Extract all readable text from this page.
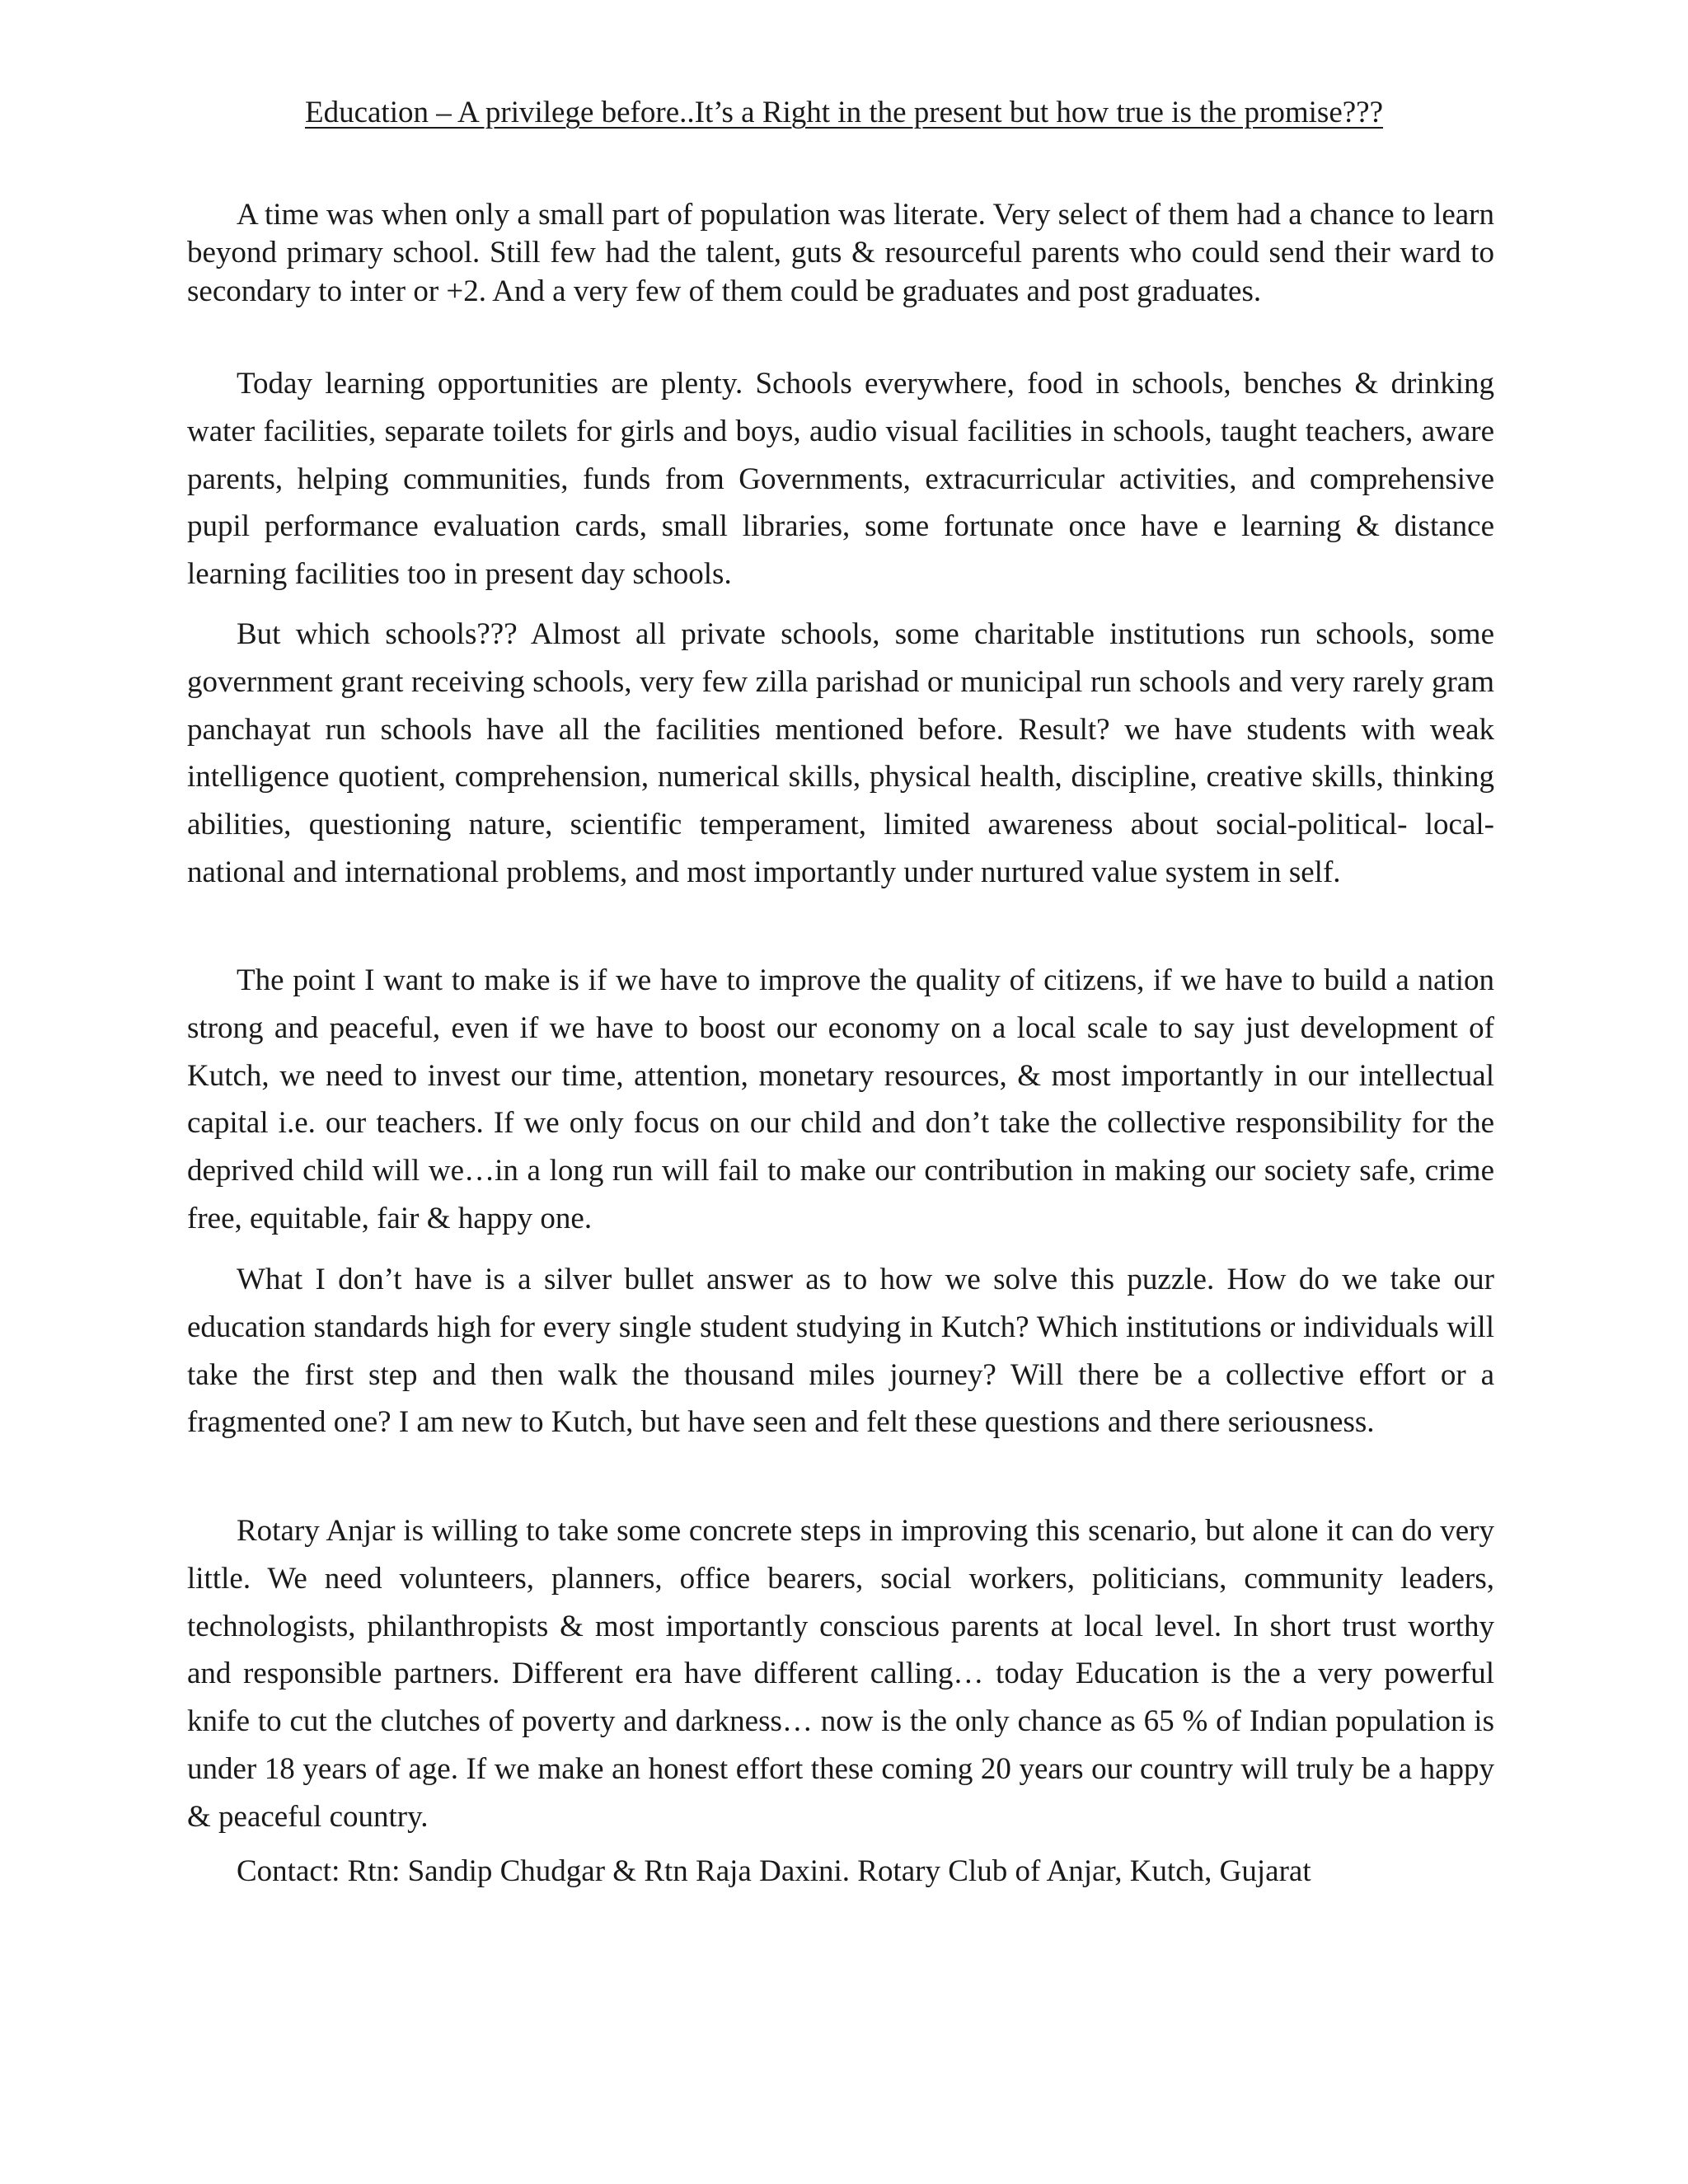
Education – A privilege before..It’s a Right in the present but how true is the promise???

A time was when only a small part of population was literate. Very select of them had a chance to learn beyond primary school. Still few had the talent, guts & resourceful parents who could send their ward to secondary to inter or +2. And a very few of them could be graduates and post graduates.

Today learning opportunities are plenty. Schools everywhere, food in schools, benches & drinking water facilities, separate toilets for girls and boys, audio visual facilities in schools, taught teachers, aware parents, helping communities, funds from Governments, extracurricular activities, and comprehensive pupil performance evaluation cards, small libraries, some fortunate once have e learning & distance learning facilities too in present day schools.

But which schools??? Almost all private schools, some charitable institutions run schools, some government grant receiving schools, very few zilla parishad or municipal run schools and very rarely gram panchayat run schools have all the facilities mentioned before. Result? we have students with weak intelligence quotient, comprehension, numerical skills, physical health, discipline, creative skills, thinking abilities, questioning nature, scientific temperament, limited awareness about social-political- local-national and international problems, and most importantly under nurtured value system in self.

The point I want to make is if we have to improve the quality of citizens, if we have to build a nation strong and peaceful, even if we have to boost our economy on a local scale to say just development of Kutch, we need to invest our time, attention, monetary resources, & most importantly in our intellectual capital i.e. our teachers. If we only focus on our child and don’t take the collective responsibility for the deprived child will we…in a long run will fail to make our contribution in making our society safe, crime free, equitable, fair & happy one.

What I don’t have is a silver bullet answer as to how we solve this puzzle. How do we take our education standards high for every single student studying in Kutch? Which institutions or individuals will take the first step and then walk the thousand miles journey? Will there be a collective effort or a fragmented one? I am new to Kutch, but have seen and felt these questions and there seriousness.

Rotary Anjar is willing to take some concrete steps in improving this scenario, but alone it can do very little. We need volunteers, planners, office bearers, social workers, politicians, community leaders, technologists, philanthropists & most importantly conscious parents at local level. In short trust worthy and responsible partners. Different era have different calling… today Education is the a very powerful knife to cut the clutches of poverty and darkness… now is the only chance as 65 % of Indian population is under 18 years of age. If we make an honest effort these coming 20 years our country will truly be a happy & peaceful country.

Contact: Rtn: Sandip Chudgar & Rtn Raja Daxini. Rotary Club of Anjar, Kutch, Gujarat
